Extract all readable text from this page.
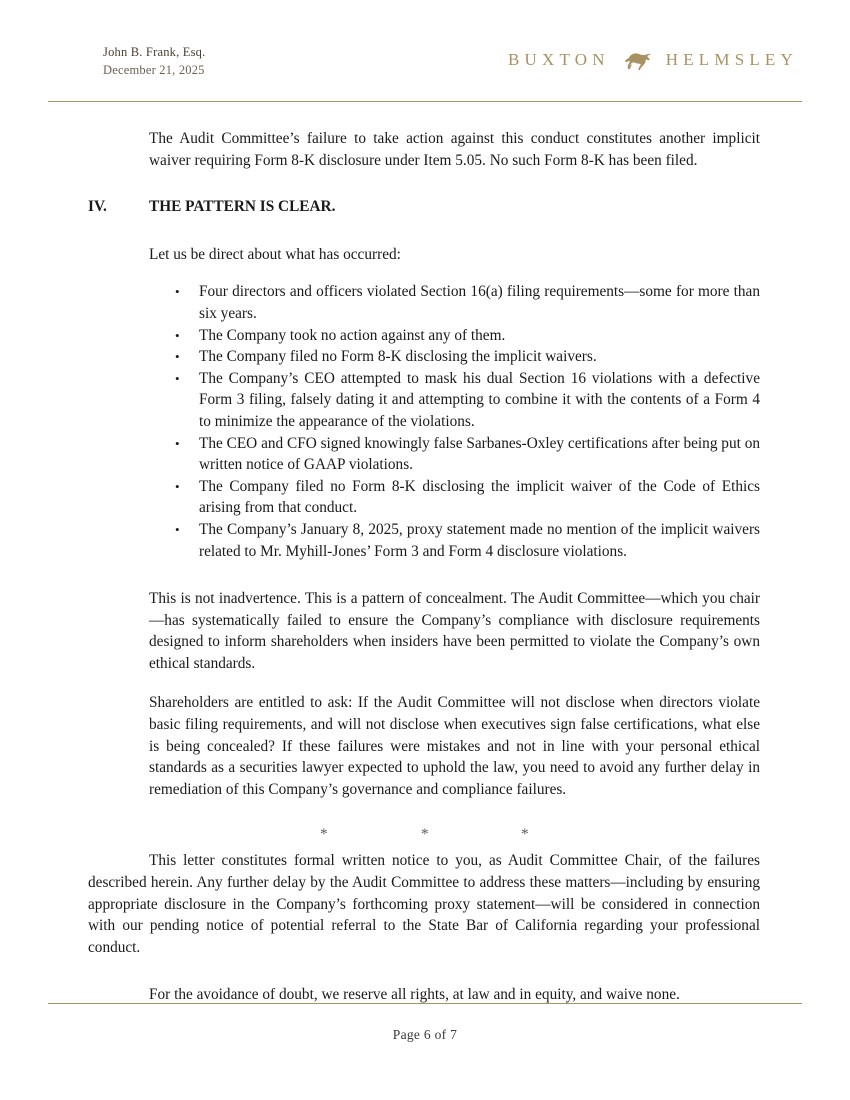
John B. Frank, Esq.
December 21, 2025
BUXTON	HELMSLEY

The Audit Committee’s failure to take action against this conduct constitutes another implicit waiver requiring Form 8-K disclosure under Item 5.05. No such Form 8-K has been filed.

IV.	THE PATTERN IS CLEAR.

Let us be direct about what has occurred:

• Four directors and officers violated Section 16(a) filing requirements—some for more than six years.
• The Company took no action against any of them.
• The Company filed no Form 8-K disclosing the implicit waivers.
• The Company’s CEO attempted to mask his dual Section 16 violations with a defective Form 3 filing, falsely dating it and attempting to combine it with the contents of a Form 4 to minimize the appearance of the violations.
• The CEO and CFO signed knowingly false Sarbanes-Oxley certifications after being put on written notice of GAAP violations.
• The Company filed no Form 8-K disclosing the implicit waiver of the Code of Ethics arising from that conduct.
• The Company’s January 8, 2025, proxy statement made no mention of the implicit waivers related to Mr. Myhill-Jones’ Form 3 and Form 4 disclosure violations.

This is not inadvertence. This is a pattern of concealment. The Audit Committee—which you chair—has systematically failed to ensure the Company’s compliance with disclosure requirements designed to inform shareholders when insiders have been permitted to violate the Company’s own ethical standards.

Shareholders are entitled to ask: If the Audit Committee will not disclose when directors violate basic filing requirements, and will not disclose when executives sign false certifications, what else is being concealed? If these failures were mistakes and not in line with your personal ethical standards as a securities lawyer expected to uphold the law, you need to avoid any further delay in remediation of this Company’s governance and compliance failures.

*	*	*

This letter constitutes formal written notice to you, as Audit Committee Chair, of the failures described herein. Any further delay by the Audit Committee to address these matters—including by ensuring appropriate disclosure in the Company’s forthcoming proxy statement—will be considered in connection with our pending notice of potential referral to the State Bar of California regarding your professional conduct.

For the avoidance of doubt, we reserve all rights, at law and in equity, and waive none.

Page 6 of 7
